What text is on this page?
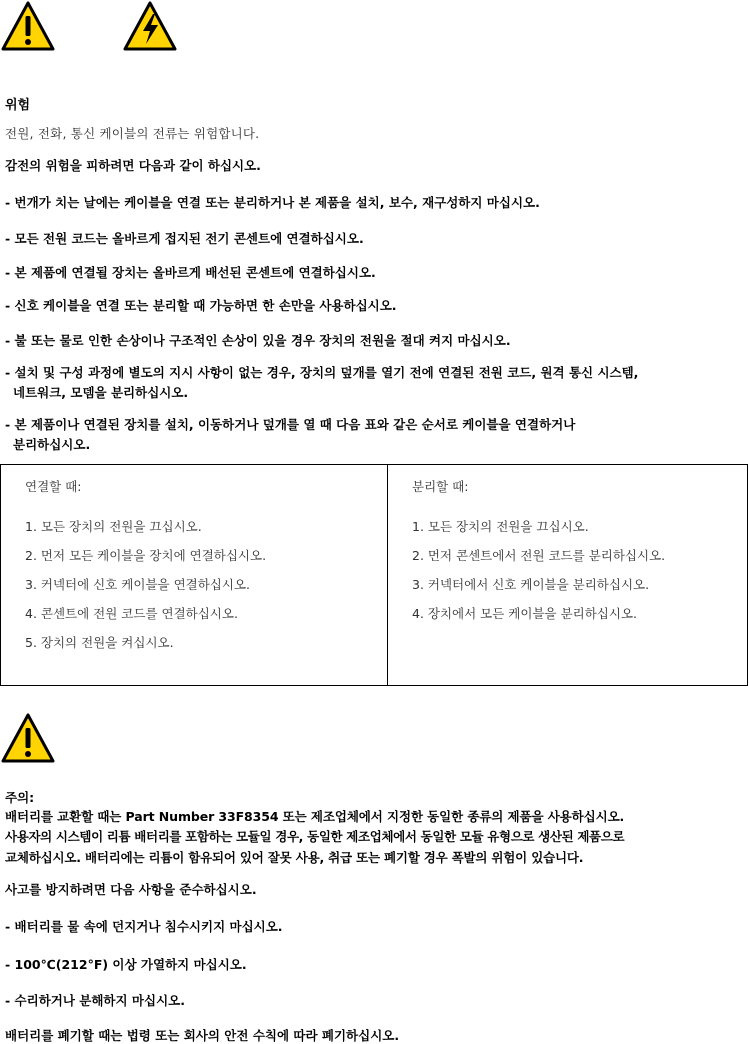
위험
전원, 전화, 통신 케이블의 전류는 위험합니다.
감전의 위험을 피하려면 다음과 같이 하십시오.
- 번개가 치는 날에는 케이블을 연결 또는 분리하거나 본 제품을 설치, 보수, 재구성하지 마십시오.
- 모든 전원 코드는 올바르게 접지된 전기 콘센트에 연결하십시오.
- 본 제품에 연결될 장치는 올바르게 배선된 콘센트에 연결하십시오.
- 신호 케이블을 연결 또는 분리할 때 가능하면 한 손만을 사용하십시오.
- 불 또는 물로 인한 손상이나 구조적인 손상이 있을 경우 장치의 전원을 절대 켜지 마십시오.
- 설치 및 구성 과정에 별도의 지시 사항이 없는 경우, 장치의 덮개를 열기 전에 연결된 전원 코드, 원격 통신 시스템,
네트워크, 모뎀을 분리하십시오.
- 본 제품이나 연결된 장치를 설치, 이동하거나 덮개를 열 때 다음 표와 같은 순서로 케이블을 연결하거나
분리하십시오.
연결할 때:
1. 모든 장치의 전원을 끄십시오.
2. 먼저 모든 케이블을 장치에 연결하십시오.
3. 커넥터에 신호 케이블을 연결하십시오.
4. 콘센트에 전원 코드를 연결하십시오.
5. 장치의 전원을 켜십시오.

분리할 때:
1. 모든 장치의 전원을 끄십시오.
2. 먼저 콘센트에서 전원 코드를 분리하십시오.
3. 커넥터에서 신호 케이블을 분리하십시오.
4. 장치에서 모든 케이블을 분리하십시오.
주의:
배터리를 교환할 때는 Part Number 33F8354 또는 제조업체에서 지정한 동일한 종류의 제품을 사용하십시오.
사용자의 시스템이 리튬 배터리를 포함하는 모듈일 경우, 동일한 제조업체에서 동일한 모듈 유형으로 생산된 제품으로
교체하십시오. 배터리에는 리튬이 함유되어 있어 잘못 사용, 취급 또는 폐기할 경우 폭발의 위험이 있습니다.
사고를 방지하려면 다음 사항을 준수하십시오.
- 배터리를 물 속에 던지거나 침수시키지 마십시오.
- 100℃(212°F) 이상 가열하지 마십시오.
- 수리하거나 분해하지 마십시오.
배터리를 폐기할 때는 법령 또는 회사의 안전 수칙에 따라 폐기하십시오.
